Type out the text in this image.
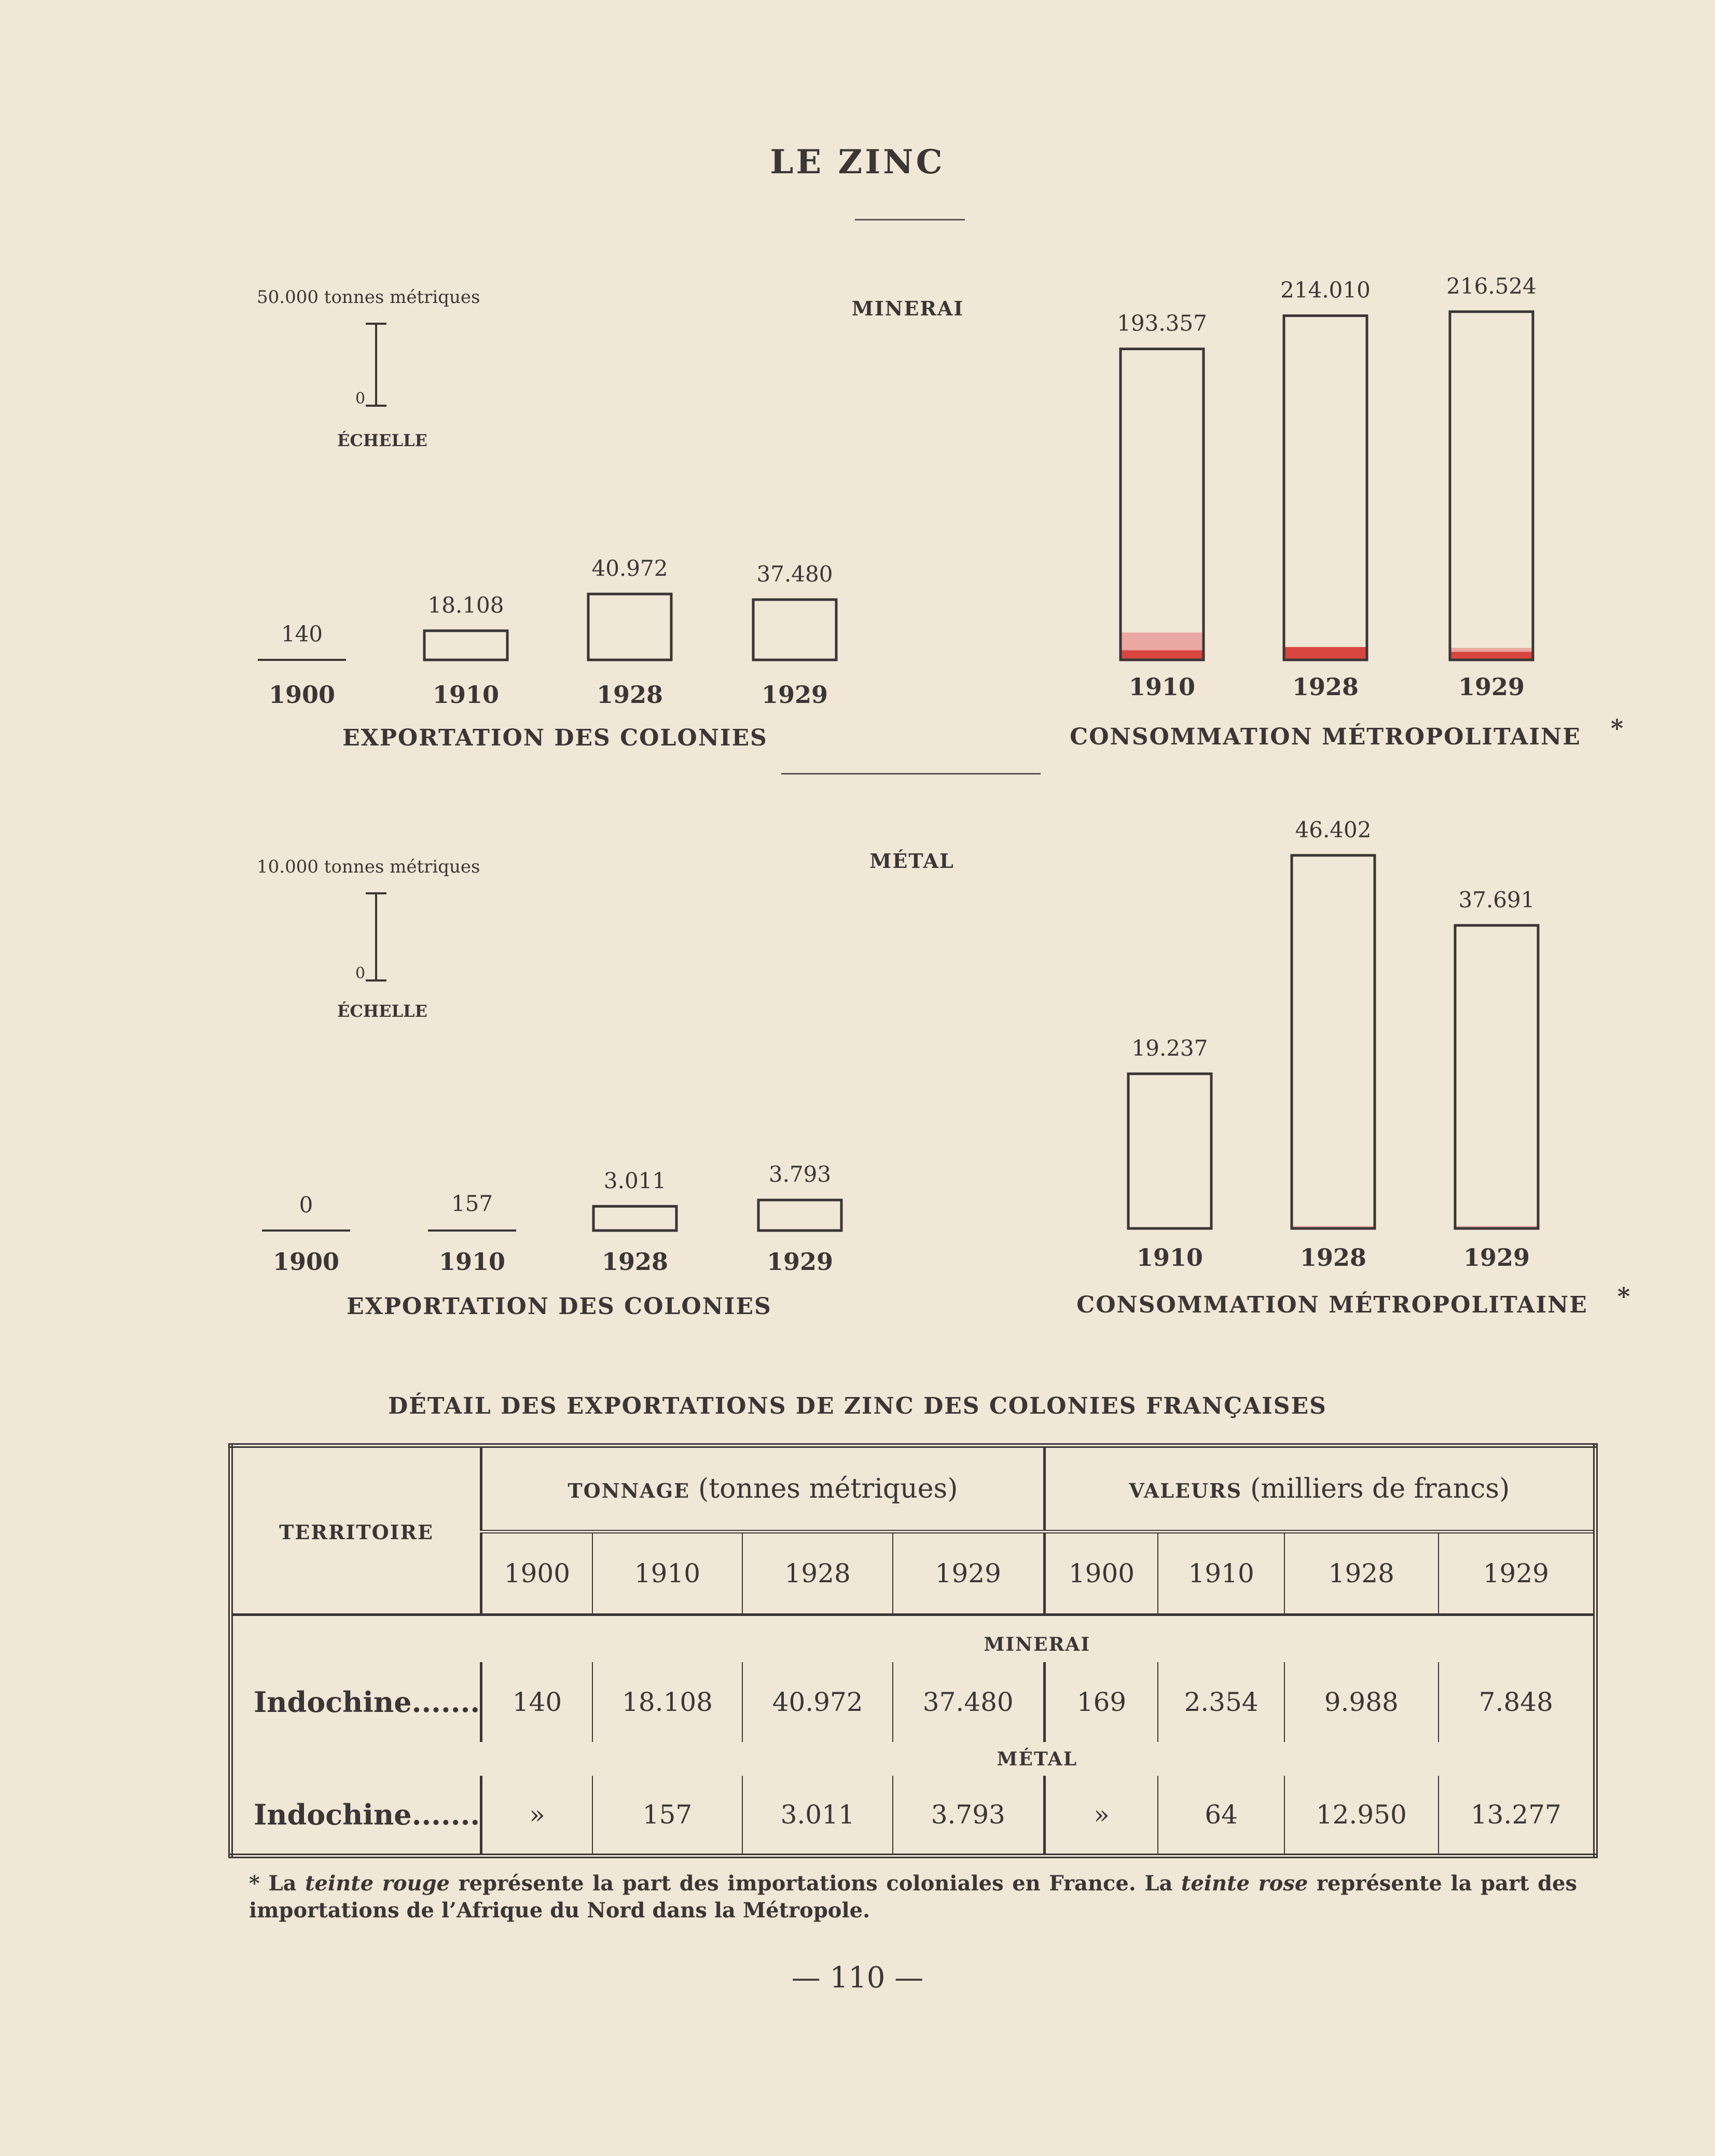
LE ZINC
MINERAI
50.000 tonnes métriques
0
ÉCHELLE
140
1900
18.108
1910
40.972
1928
37.480
1929
EXPORTATION DES COLONIES
193.357
1910
214.010
1928
216.524
1929
CONSOMMATION MÉTROPOLITAINE *
MÉTAL
10.000 tonnes métriques
0
ÉCHELLE
0
1900
157
1910
3.011
1928
3.793
1929
EXPORTATION DES COLONIES
19.237
1910
46.402
1928
37.691
1929
CONSOMMATION MÉTROPOLITAINE *
DÉTAIL DES EXPORTATIONS DE ZINC DES COLONIES FRANÇAISES
TERRITOIRE	TONNAGE (tonnes métriques)				VALEURS (milliers de francs)			
	1900	1910	1928	1929	1900	1910	1928	1929
	MINERAI							
Indochine.......	140	18.108	40.972	37.480	169	2.354	9.988	7.848
	MÉTAL							
Indochine.......	»	157	3.011	3.793	»	64	12.950	13.277
* La teinte rouge représente la part des importations coloniales en France. La teinte rose représente la part des importations de l’Afrique du Nord dans la Métropole.
— 110 —
